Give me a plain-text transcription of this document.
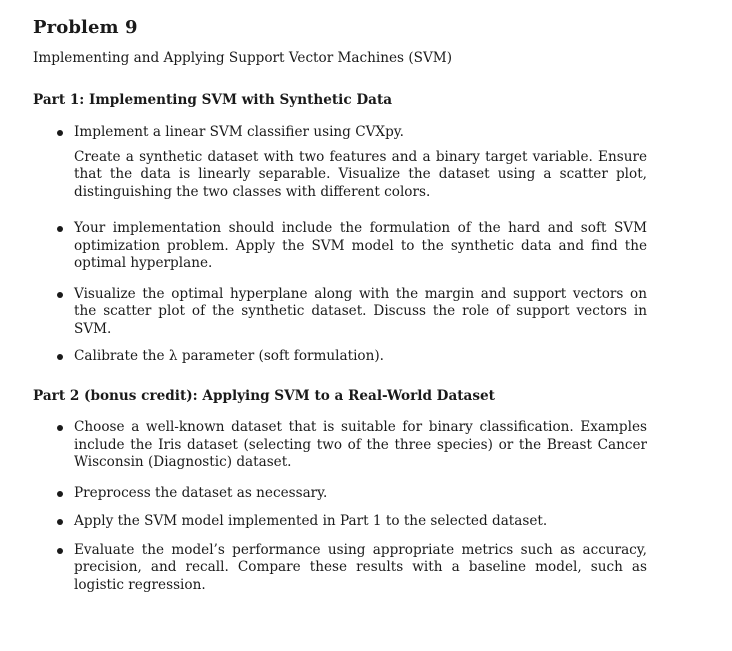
Problem 9
Implementing and Applying Support Vector Machines (SVM)
Part 1: Implementing SVM with Synthetic Data
Implement a linear SVM classifier using CVXpy.
Create a synthetic dataset with two features and a binary target variable. Ensure that the data is linearly separable. Visualize the dataset using a scatter plot, distinguishing the two classes with different colors.
Your implementation should include the formulation of the hard and soft SVM optimization problem. Apply the SVM model to the synthetic data and find the optimal hyperplane.
Visualize the optimal hyperplane along with the margin and support vectors on the scatter plot of the synthetic dataset. Discuss the role of support vectors in SVM.
Calibrate the λ parameter (soft formulation).
Part 2 (bonus credit): Applying SVM to a Real-World Dataset
Choose a well-known dataset that is suitable for binary classification. Examples include the Iris dataset (selecting two of the three species) or the Breast Cancer Wisconsin (Diagnostic) dataset.
Preprocess the dataset as necessary.
Apply the SVM model implemented in Part 1 to the selected dataset.
Evaluate the model’s performance using appropriate metrics such as accuracy, precision, and recall. Compare these results with a baseline model, such as logistic regression.
